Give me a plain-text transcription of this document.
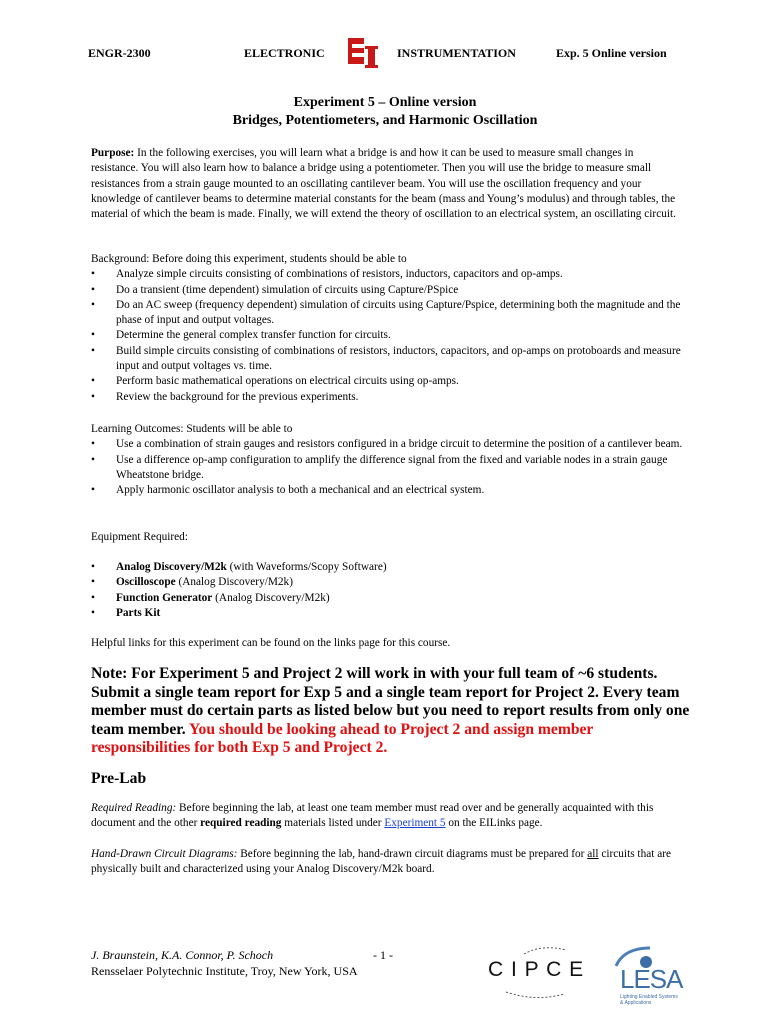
ENGR-2300	ELECTRONIC	INSTRUMENTATION	Exp. 5 Online version
Experiment 5 – Online version
Bridges, Potentiometers, and Harmonic Oscillation
Purpose: In the following exercises, you will learn what a bridge is and how it can be used to measure small changes in resistance. You will also learn how to balance a bridge using a potentiometer. Then you will use the bridge to measure small resistances from a strain gauge mounted to an oscillating cantilever beam. You will use the oscillation frequency and your knowledge of cantilever beams to determine material constants for the beam (mass and Young’s modulus) and through tables, the material of which the beam is made. Finally, we will extend the theory of oscillation to an electrical system, an oscillating circuit.
Background: Before doing this experiment, students should be able to
• Analyze simple circuits consisting of combinations of resistors, inductors, capacitors and op-amps.
• Do a transient (time dependent) simulation of circuits using Capture/PSpice
• Do an AC sweep (frequency dependent) simulation of circuits using Capture/Pspice, determining both the magnitude and the phase of input and output voltages.
• Determine the general complex transfer function for circuits.
• Build simple circuits consisting of combinations of resistors, inductors, capacitors, and op-amps on protoboards and measure input and output voltages vs. time.
• Perform basic mathematical operations on electrical circuits using op-amps.
• Review the background for the previous experiments.
Learning Outcomes: Students will be able to
• Use a combination of strain gauges and resistors configured in a bridge circuit to determine the position of a cantilever beam.
• Use a difference op-amp configuration to amplify the difference signal from the fixed and variable nodes in a strain gauge Wheatstone bridge.
• Apply harmonic oscillator analysis to both a mechanical and an electrical system.
Equipment Required:
• Analog Discovery/M2k (with Waveforms/Scopy Software)
• Oscilloscope (Analog Discovery/M2k)
• Function Generator (Analog Discovery/M2k)
• Parts Kit
Helpful links for this experiment can be found on the links page for this course.
Note: For Experiment 5 and Project 2 will work in with your full team of ~6 students. Submit a single team report for Exp 5 and a single team report for Project 2. Every team member must do certain parts as listed below but you need to report results from only one team member. You should be looking ahead to Project 2 and assign member responsibilities for both Exp 5 and Project 2.
Pre-Lab
Required Reading: Before beginning the lab, at least one team member must read over and be generally acquainted with this document and the other required reading materials listed under Experiment 5 on the EILinks page.
Hand-Drawn Circuit Diagrams: Before beginning the lab, hand-drawn circuit diagrams must be prepared for all circuits that are physically built and characterized using your Analog Discovery/M2k board.
J. Braunstein, K.A. Connor, P. Schoch	- 1 -
Rensselaer Polytechnic Institute, Troy, New York, USA	C I P C E LESA
Lighting Enabled Systems
& Applications
